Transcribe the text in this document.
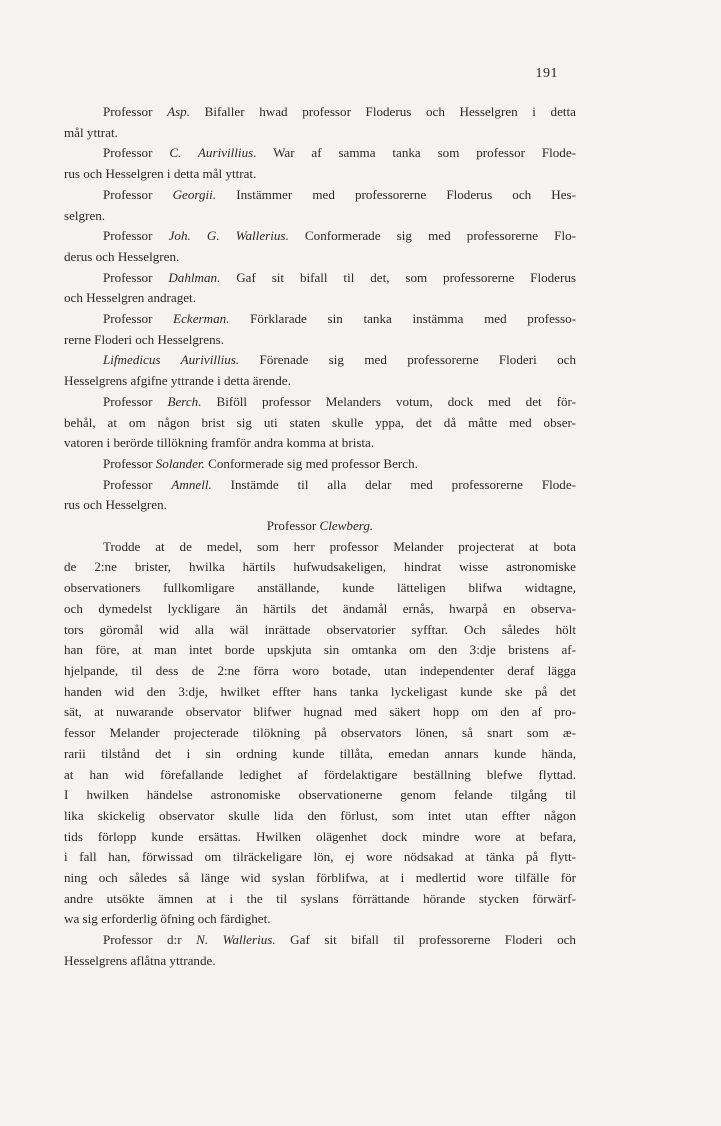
191
Professor Asp. Bifaller hwad professor Floderus och Hesselgren i detta
mål yttrat.
Professor C. Aurivillius. War af samma tanka som professor Flode-
rus och Hesselgren i detta mål yttrat.
Professor Georgii. Instämmer med professorerne Floderus och Hes-
selgren.
Professor Joh. G. Wallerius. Conformerade sig med professorerne Flo-
derus och Hesselgren.
Professor Dahlman. Gaf sit bifall til det, som professorerne Floderus
och Hesselgren andraget.
Professor Eckerman. Förklarade sin tanka instämma med professo-
rerne Floderi och Hesselgrens.
Lifmedicus Aurivillius. Förenade sig med professorerne Floderi och
Hesselgrens afgifne yttrande i detta ärende.
Professor Berch. Biföll professor Melanders votum, dock med det för-
behål, at om någon brist sig uti staten skulle yppa, det då måtte med obser-
vatoren i berörde tillökning framför andra komma at brista.
Professor Solander. Conformerade sig med professor Berch.
Professor Amnell. Instämde til alla delar med professorerne Flode-
rus och Hesselgren.
Professor Clewberg.
Trodde at de medel, som herr professor Melander projecterat at bota
de 2:ne brister, hwilka härtils hufwudsakeligen, hindrat wisse astronomiske
observationers fullkomligare anställande, kunde lätteligen blifwa widtagne,
och dymedelst lyckligare än härtils det ändamål ernås, hwarpå en observa-
tors göromål wid alla wäl inrättade observatorier syfftar. Och således hölt
han före, at man intet borde upskjuta sin omtanka om den 3:dje bristens af-
hjelpande, til dess de 2:ne förra woro botade, utan independenter deraf lägga
handen wid den 3:dje, hwilket effter hans tanka lyckeligast kunde ske på det
sät, at nuwarande observator blifwer hugnad med säkert hopp om den af pro-
fessor Melander projecterade tilökning på observators lönen, så snart som æ-
rarii tilstånd det i sin ordning kunde tillåta, emedan annars kunde hända,
at han wid förefallande ledighet af fördelaktigare beställning blefwe flyttad.
I hwilken händelse astronomiske observationerne genom felande tilgång til
lika skickelig observator skulle lida den förlust, som intet utan effter någon
tids förlopp kunde ersättas. Hwilken olägenhet dock mindre wore at befara,
i fall han, förwissad om tilräckeligare lön, ej wore nödsakad at tänka på flytt-
ning och således så länge wid syslan förblifwa, at i medlertid wore tilfälle för
andre utsökte ämnen at i the til syslans förrättande hörande stycken förwärf-
wa sig erforderlig öfning och färdighet.
Professor d:r N. Wallerius. Gaf sit bifall til professorerne Floderi och
Hesselgrens aflåtna yttrande.
